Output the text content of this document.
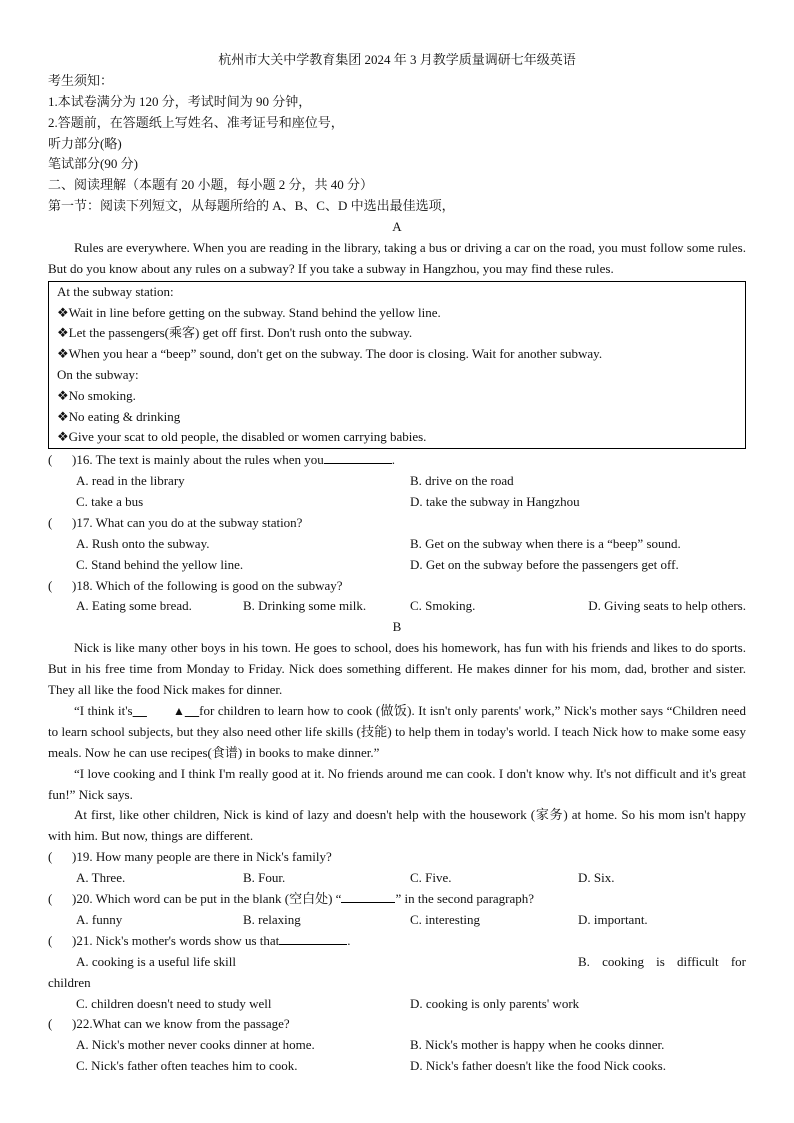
杭州市大关中学教育集团 2024 年 3 月教学质量调研七年级英语
考生须知：
1.本试卷满分为 120 分，考试时间为 90 分钟，
2.答题前，在答题纸上写姓名、准考证号和座位号，
听力部分(略)
笔试部分(90 分)
二、阅读理解（本题有 20 小题，每小题 2 分，共 40 分）
第一节：阅读下列短文，从每题所给的 A、B、C、D 中选出最佳选项，
A

Rules are everywhere. When you are reading in the library, taking a bus or driving a car on the road, you must follow some rules. But do you know about any rules on a subway? If you take a subway in Hangzhou, you may find these rules.

At the subway station:
❖Wait in line before getting on the subway. Stand behind the yellow line.
❖Let the passengers(乘客) get off first. Don't rush onto the subway.
❖When you hear a “beep” sound, don't get on the subway. The door is closing. Wait for another subway.
On the subway:
❖No smoking.
❖No eating & drinking
❖Give your scat to old people, the disabled or women carrying babies.
( )16. The text is mainly about the rules when you	.
A. read in the library	B. drive on the road
C. take a bus	D. take the subway in Hangzhou
( )17. What can you do at the subway station?
A. Rush onto the subway.	B. Get on the subway when there is a “beep” sound.
C. Stand behind the yellow line.	D. Get on the subway before the passengers get off.
( )18. Which of the following is good on the subway?
A. Eating some bread.	B. Drinking some milk.	C. Smoking.	D. Giving seats to help others.
B

Nick is like many other boys in his town. He goes to school, does his homework, has fun with his friends and likes to do sports. But in his free time from Monday to Friday. Nick does something different. He makes dinner for his mom, dad, brother and sister. They all like the food Nick makes for dinner.

“I think it's	▲ for children to learn how to cook (做饭). It isn't only parents' work,” Nick's mother says “Children need to learn school subjects, but they also need other life skills (技能) to help them in today's world. I teach Nick how to make some easy meals. Now he can use recipes(食谱) in books to make dinner.”

“I love cooking and I think I'm really good at it. No friends around me can cook. I don't know why. It's not difficult and it's great fun!” Nick says.

At first, like other children, Nick is kind of lazy and doesn't help with the housework (家务) at home. So his mom isn't happy with him. But now, things are different.

( )19. How many people are there in Nick's family?
A. Three.	B. Four.	C. Five.	D. Six.
( )20. Which word can be put in the blank (空白处) “	” in the second paragraph?
A. funny	B. relaxing	C. interesting	D. important.
( )21. Nick's mother's words show us that	.
A. cooking is a useful life skill	B. cooking is difficult for
children
C. children doesn't need to study well	D. cooking is only parents' work
( )22.What can we know from the passage?
A. Nick's mother never cooks dinner at home.	B. Nick's mother is happy when he cooks dinner.
C. Nick's father often teaches him to cook.	D. Nick's father doesn't like the food Nick cooks.
